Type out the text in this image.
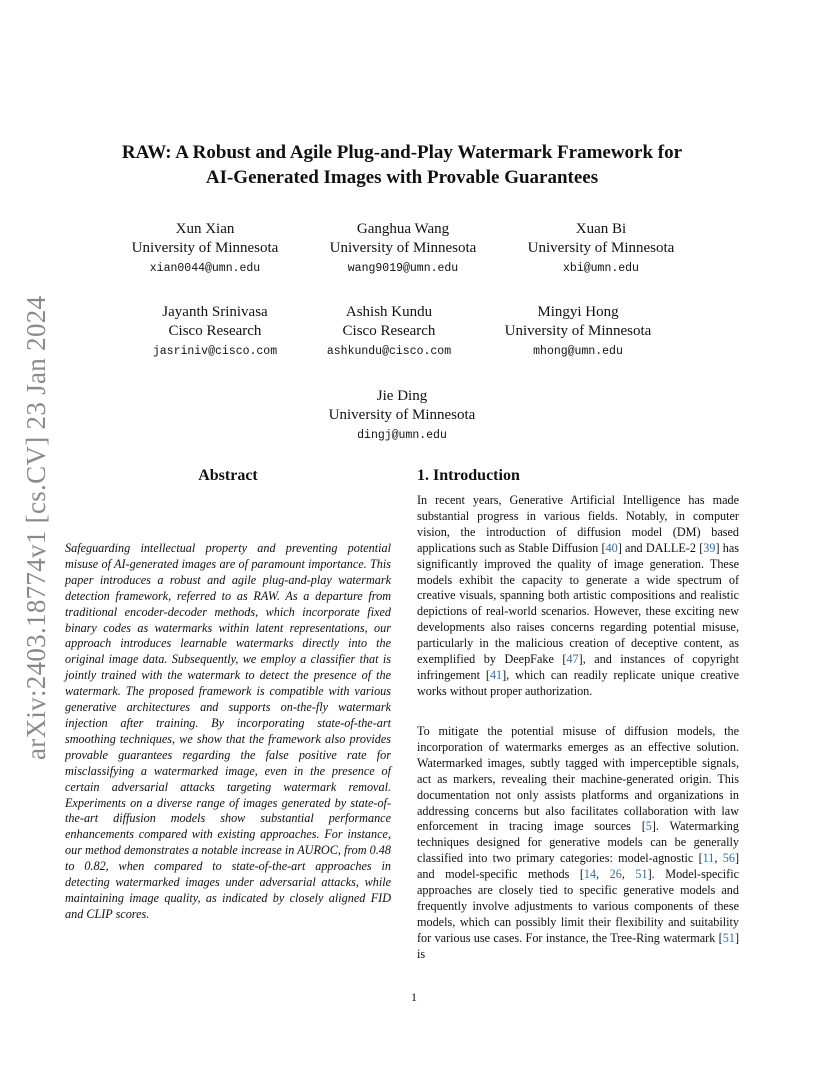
arXiv:2403.18774v1 [cs.CV] 23 Jan 2024
RAW: A Robust and Agile Plug-and-Play Watermark Framework for
AI-Generated Images with Provable Guarantees
Xun Xian
University of Minnesota
xian0044@umn.edu
Ganghua Wang
University of Minnesota
wang9019@umn.edu
Xuan Bi
University of Minnesota
xbi@umn.edu
Jayanth Srinivasa
Cisco Research
jasriniv@cisco.com
Ashish Kundu
Cisco Research
ashkundu@cisco.com
Mingyi Hong
University of Minnesota
mhong@umn.edu
Jie Ding
University of Minnesota
dingj@umn.edu
Abstract
Safeguarding intellectual property and preventing potential misuse of AI-generated images are of paramount importance. This paper introduces a robust and agile plug-and-play watermark detection framework, referred to as RAW. As a departure from traditional encoder-decoder methods, which incorporate fixed binary codes as watermarks within latent representations, our approach introduces learnable watermarks directly into the original image data. Subsequently, we employ a classifier that is jointly trained with the watermark to detect the presence of the watermark. The proposed framework is compatible with various generative architectures and supports on-the-fly watermark injection after training. By incorporating state-of-the-art smoothing techniques, we show that the framework also provides provable guarantees regarding the false positive rate for misclassifying a watermarked image, even in the presence of certain adversarial attacks targeting watermark removal. Experiments on a diverse range of images generated by state-of-the-art diffusion models show substantial performance enhancements compared with existing approaches. For instance, our method demonstrates a notable increase in AUROC, from 0.48 to 0.82, when compared to state-of-the-art approaches in detecting watermarked images under adversarial attacks, while maintaining image quality, as indicated by closely aligned FID and CLIP scores.
1. Introduction
In recent years, Generative Artificial Intelligence has made substantial progress in various fields. Notably, in computer vision, the introduction of diffusion model (DM) based applications such as Stable Diffusion [40] and DALLE-2 [39] has significantly improved the quality of image generation. These models exhibit the capacity to generate a wide spectrum of creative visuals, spanning both artistic compositions and realistic depictions of real-world scenarios. However, these exciting new developments also raises concerns regarding potential misuse, particularly in the malicious creation of deceptive content, as exemplified by DeepFake [47], and instances of copyright infringement [41], which can readily replicate unique creative works without proper authorization.
To mitigate the potential misuse of diffusion models, the incorporation of watermarks emerges as an effective solution. Watermarked images, subtly tagged with imperceptible signals, act as markers, revealing their machine-generated origin. This documentation not only assists platforms and organizations in addressing concerns but also facilitates collaboration with law enforcement in tracing image sources [5]. Watermarking techniques designed for generative models can be generally classified into two primary categories: model-agnostic [11, 56] and model-specific methods [14, 26, 51]. Model-specific approaches are closely tied to specific generative models and frequently involve adjustments to various components of these models, which can possibly limit their flexibility and suitability for various use cases. For instance, the Tree-Ring watermark [51] is
1
